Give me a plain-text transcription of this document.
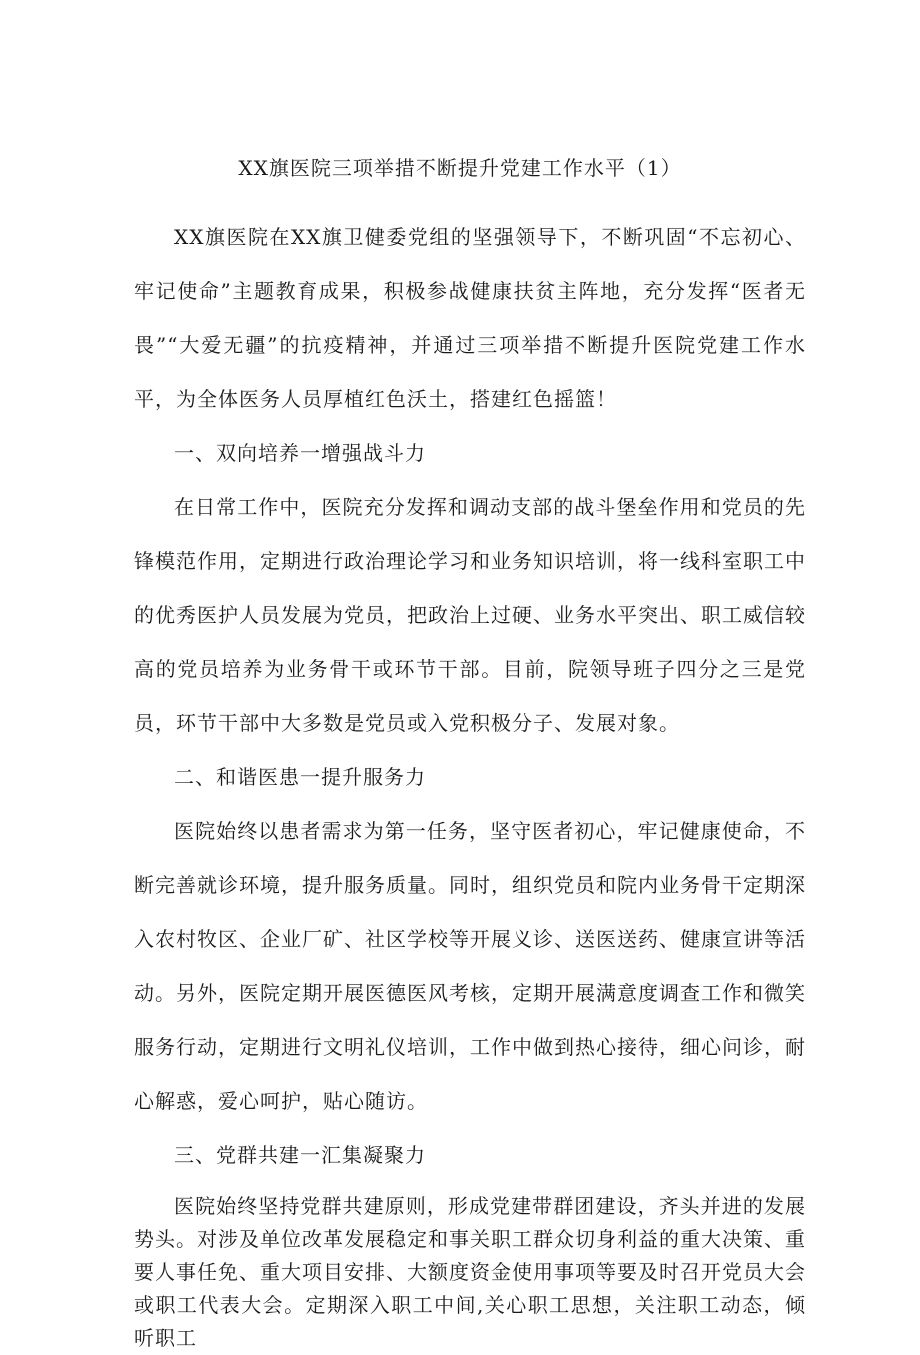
XX旗医院三项举措不断提升党建工作水平（1）

XX旗医院在XX旗卫健委党组的坚强领导下，不断巩固“不忘初心、牢记使命”主题教育成果，积极参战健康扶贫主阵地，充分发挥“医者无畏”“大爱无疆”的抗疫精神，并通过三项举措不断提升医院党建工作水平，为全体医务人员厚植红色沃土，搭建红色摇篮！

一、双向培养一增强战斗力

在日常工作中，医院充分发挥和调动支部的战斗堡垒作用和党员的先锋模范作用，定期进行政治理论学习和业务知识培训，将一线科室职工中的优秀医护人员发展为党员，把政治上过硬、业务水平突出、职工威信较高的党员培养为业务骨干或环节干部。目前，院领导班子四分之三是党员，环节干部中大多数是党员或入党积极分子、发展对象。

二、和谐医患一提升服务力

医院始终以患者需求为第一任务，坚守医者初心，牢记健康使命，不断完善就诊环境，提升服务质量。同时，组织党员和院内业务骨干定期深入农村牧区、企业厂矿、社区学校等开展义诊、送医送药、健康宣讲等活动。另外，医院定期开展医德医风考核，定期开展满意度调查工作和微笑服务行动，定期进行文明礼仪培训，工作中做到热心接待，细心问诊，耐心解惑，爱心呵护，贴心随访。

三、党群共建一汇集凝聚力

医院始终坚持党群共建原则，形成党建带群团建设，齐头并进的发展势头。对涉及单位改革发展稳定和事关职工群众切身利益的重大决策、重要人事任免、重大项目安排、大额度资金使用事项等要及时召开党员大会或职工代表大会。定期深入职工中间,关心职工思想，关注职工动态，倾听职工
